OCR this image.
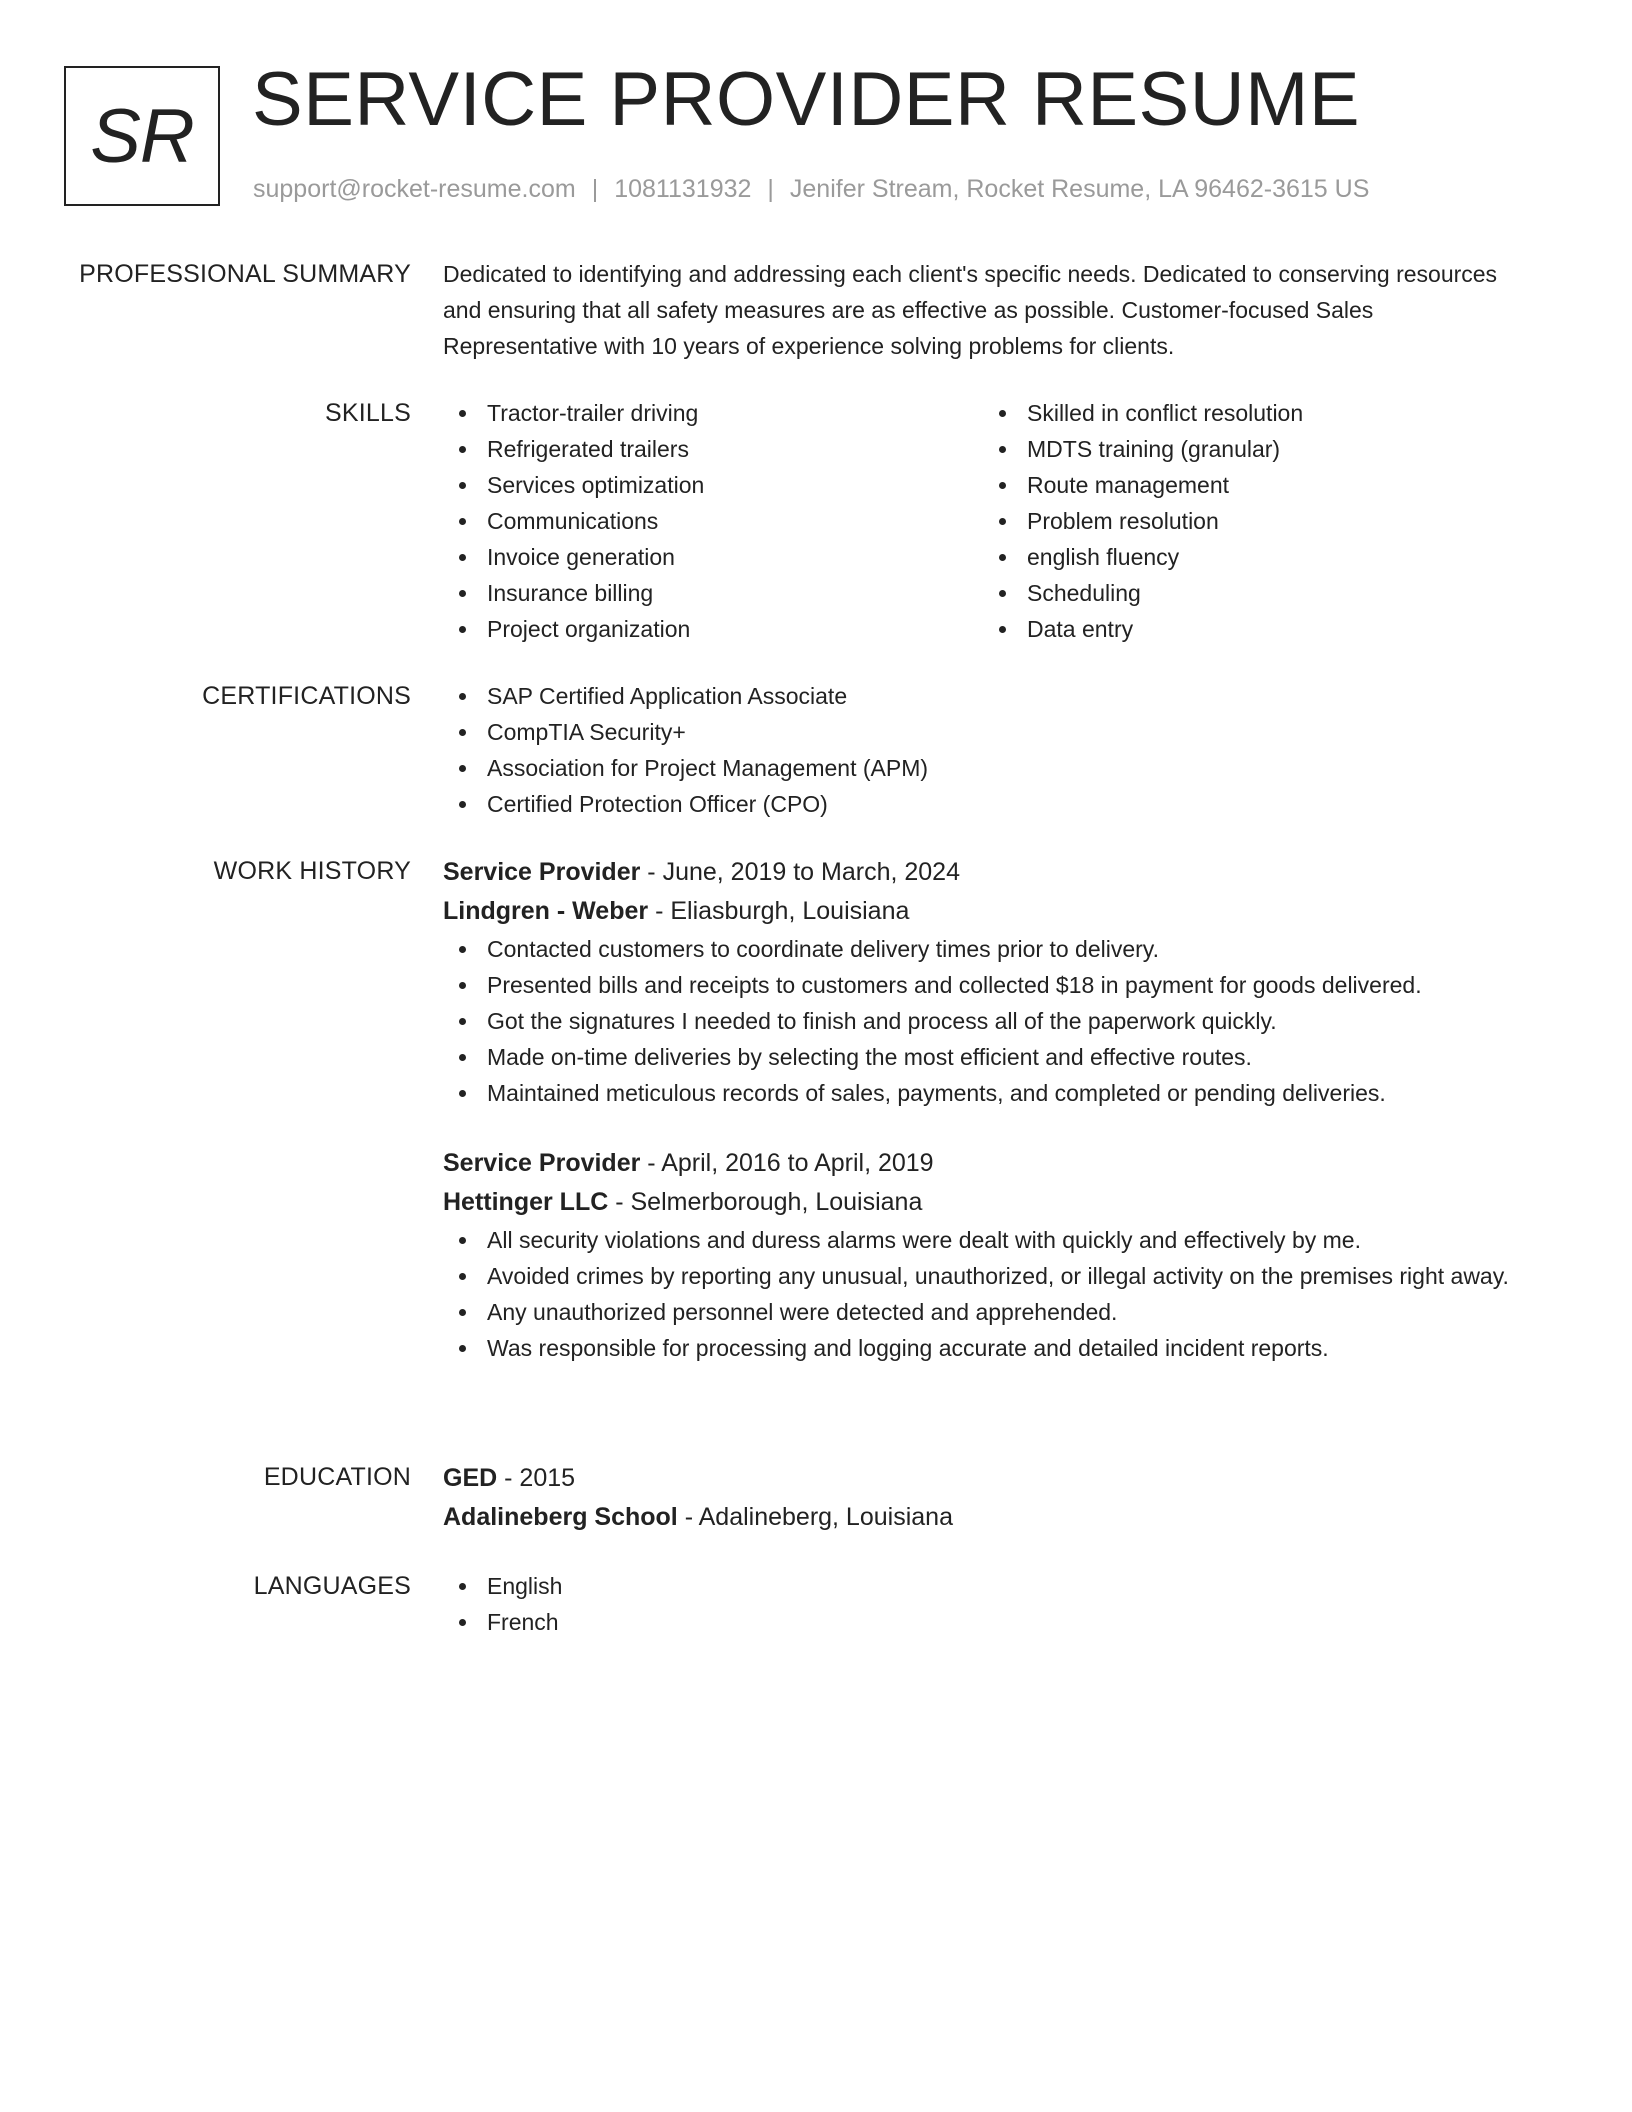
SR SERVICE PROVIDER RESUME
support@rocket-resume.com | 1081131932 | Jenifer Stream, Rocket Resume, LA 96462-3615 US
PROFESSIONAL SUMMARY Dedicated to identifying and addressing each client's specific needs. Dedicated to conserving resources and ensuring that all safety measures are as effective as possible. Customer-focused Sales Representative with 10 years of experience solving problems for clients.

SKILLS	Tractor-trailer driving
Refrigerated trailers
Services optimization
Communications
Invoice generation
Insurance billing
Project organization
Skilled in conflict resolution
MDTS training (granular)
Route management
Problem resolution
english fluency
Scheduling
Data entry
CERTIFICATIONS	SAP Certified Application Associate
CompTIA Security+
Association for Project Management (APM)
Certified Protection Officer (CPO)
WORK HISTORY Service Provider - June, 2019 to March, 2024
Lindgren - Weber - Eliasburgh, Louisiana
Contacted customers to coordinate delivery times prior to delivery.
Presented bills and receipts to customers and collected $18 in payment for goods delivered.
Got the signatures I needed to finish and process all of the paperwork quickly.
Made on-time deliveries by selecting the most efficient and effective routes.
Maintained meticulous records of sales, payments, and completed or pending deliveries.
Service Provider - April, 2016 to April, 2019
Hettinger LLC - Selmerborough, Louisiana
All security violations and duress alarms were dealt with quickly and effectively by me.
Avoided crimes by reporting any unusual, unauthorized, or illegal activity on the premises right away.
Any unauthorized personnel were detected and apprehended.
Was responsible for processing and logging accurate and detailed incident reports.
EDUCATION GED - 2015
Adalineberg School - Adalineberg, Louisiana
LANGUAGES	English
French
